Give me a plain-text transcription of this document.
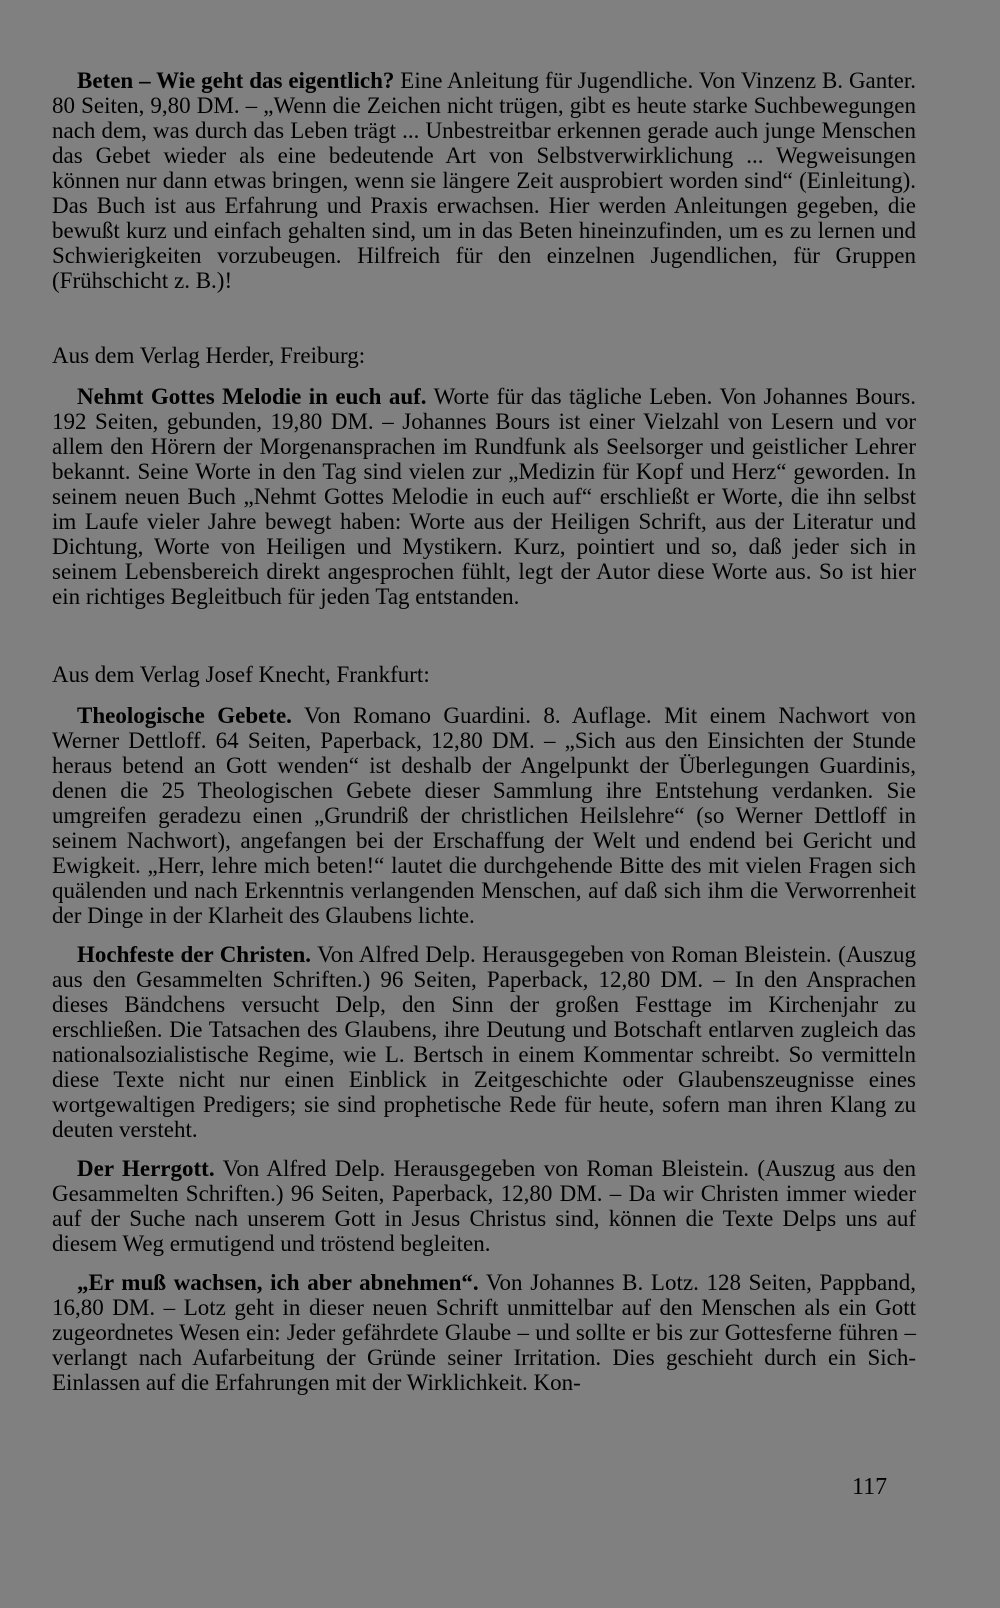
Beten – Wie geht das eigentlich? Eine Anleitung für Jugendliche. Von Vinzenz B. Ganter. 80 Seiten, 9,80 DM. – „Wenn die Zeichen nicht trügen, gibt es heute starke Suchbewegungen nach dem, was durch das Leben trägt ... Unbestreitbar erkennen gerade auch junge Menschen das Gebet wieder als eine bedeutende Art von Selbstverwirklichung ... Wegweisungen können nur dann etwas bringen, wenn sie längere Zeit ausprobiert worden sind“ (Einleitung). Das Buch ist aus Erfahrung und Praxis erwachsen. Hier werden Anleitungen gegeben, die bewußt kurz und einfach gehalten sind, um in das Beten hineinzufinden, um es zu lernen und Schwierigkeiten vorzubeugen. Hilfreich für den einzelnen Jugendlichen, für Gruppen (Frühschicht z. B.)!

Aus dem Verlag Herder, Freiburg:

Nehmt Gottes Melodie in euch auf. Worte für das tägliche Leben. Von Johannes Bours. 192 Seiten, gebunden, 19,80 DM. – Johannes Bours ist einer Vielzahl von Lesern und vor allem den Hörern der Morgenansprachen im Rundfunk als Seelsorger und geistlicher Lehrer bekannt. Seine Worte in den Tag sind vielen zur „Medizin für Kopf und Herz“ geworden. In seinem neuen Buch „Nehmt Gottes Melodie in euch auf“ erschließt er Worte, die ihn selbst im Laufe vieler Jahre bewegt haben: Worte aus der Heiligen Schrift, aus der Literatur und Dichtung, Worte von Heiligen und Mystikern. Kurz, pointiert und so, daß jeder sich in seinem Lebensbereich direkt angesprochen fühlt, legt der Autor diese Worte aus. So ist hier ein richtiges Begleitbuch für jeden Tag entstanden.

Aus dem Verlag Josef Knecht, Frankfurt:

Theologische Gebete. Von Romano Guardini. 8. Auflage. Mit einem Nachwort von Werner Dettloff. 64 Seiten, Paperback, 12,80 DM. – „Sich aus den Einsichten der Stunde heraus betend an Gott wenden“ ist deshalb der Angelpunkt der Überlegungen Guardinis, denen die 25 Theologischen Gebete dieser Sammlung ihre Entstehung verdanken. Sie umgreifen geradezu einen „Grundriß der christlichen Heilslehre“ (so Werner Dettloff in seinem Nachwort), angefangen bei der Erschaffung der Welt und endend bei Gericht und Ewigkeit. „Herr, lehre mich beten!“ lautet die durchgehende Bitte des mit vielen Fragen sich quälenden und nach Erkenntnis verlangenden Menschen, auf daß sich ihm die Verworrenheit der Dinge in der Klarheit des Glaubens lichte.

Hochfeste der Christen. Von Alfred Delp. Herausgegeben von Roman Bleistein. (Auszug aus den Gesammelten Schriften.) 96 Seiten, Paperback, 12,80 DM. – In den Ansprachen dieses Bändchens versucht Delp, den Sinn der großen Festtage im Kirchenjahr zu erschließen. Die Tatsachen des Glaubens, ihre Deutung und Botschaft entlarven zugleich das nationalsozialistische Regime, wie L. Bertsch in einem Kommentar schreibt. So vermitteln diese Texte nicht nur einen Einblick in Zeitgeschichte oder Glaubenszeugnisse eines wortgewaltigen Predigers; sie sind prophetische Rede für heute, sofern man ihren Klang zu deuten versteht.

Der Herrgott. Von Alfred Delp. Herausgegeben von Roman Bleistein. (Auszug aus den Gesammelten Schriften.) 96 Seiten, Paperback, 12,80 DM. – Da wir Christen immer wieder auf der Suche nach unserem Gott in Jesus Christus sind, können die Texte Delps uns auf diesem Weg ermutigend und tröstend begleiten.

„Er muß wachsen, ich aber abnehmen“. Von Johannes B. Lotz. 128 Seiten, Pappband, 16,80 DM. – Lotz geht in dieser neuen Schrift unmittelbar auf den Menschen als ein Gott zugeordnetes Wesen ein: Jeder gefährdete Glaube – und sollte er bis zur Gottesferne führen – verlangt nach Aufarbeitung der Gründe seiner Irritation. Dies geschieht durch ein Sich-Einlassen auf die Erfahrungen mit der Wirklichkeit. Kon-

117
